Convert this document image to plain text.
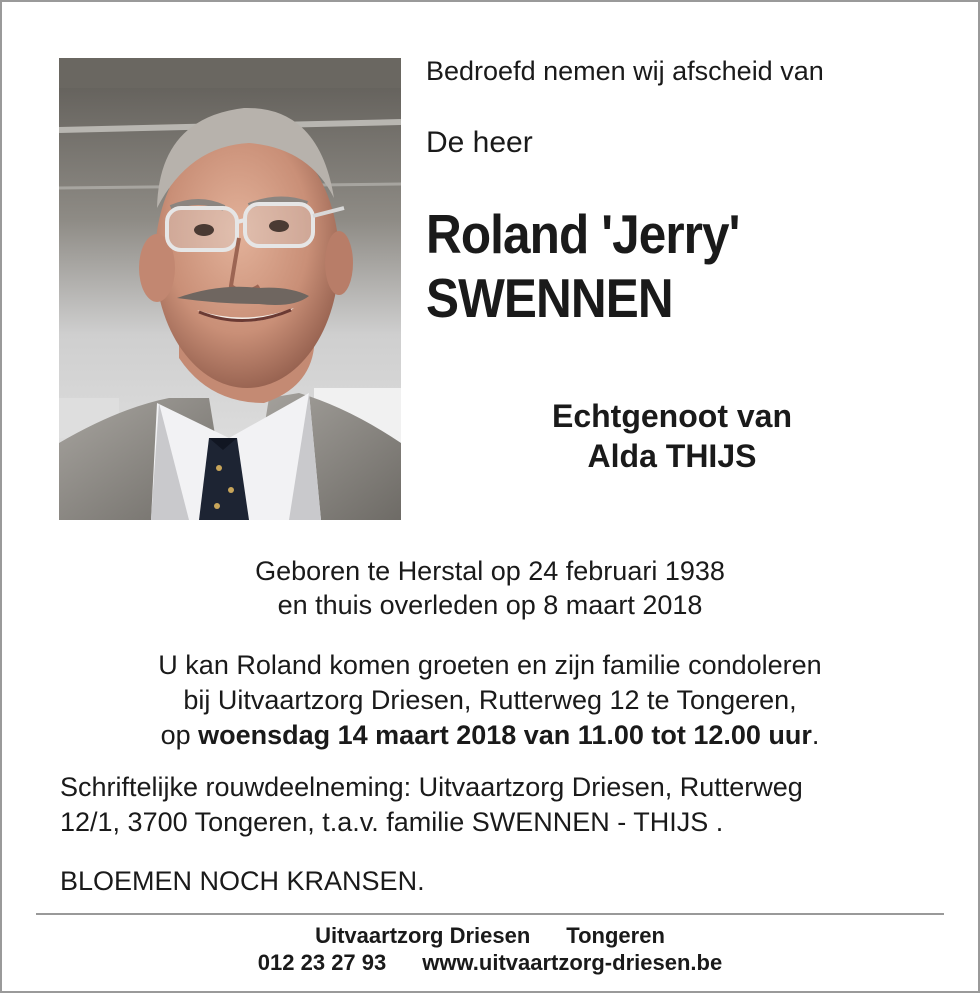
Bedroefd nemen wij afscheid van
De heer
Roland 'Jerry'
SWENNEN
Echtgenoot van
Alda THIJS
Geboren te Herstal op 24 februari 1938
en thuis overleden op 8 maart 2018
U kan Roland komen groeten en zijn familie condoleren
bij Uitvaartzorg Driesen, Rutterweg 12 te Tongeren,
op woensdag 14 maart 2018 van 11.00 tot 12.00 uur.
Schriftelijke rouwdeelneming: Uitvaartzorg Driesen, Rutterweg
12/1, 3700 Tongeren, t.a.v. familie SWENNEN - THIJS .
BLOEMEN NOCH KRANSEN.
Uitvaartzorg Driesen Tongeren
012 23 27 93 www.uitvaartzorg-driesen.be
